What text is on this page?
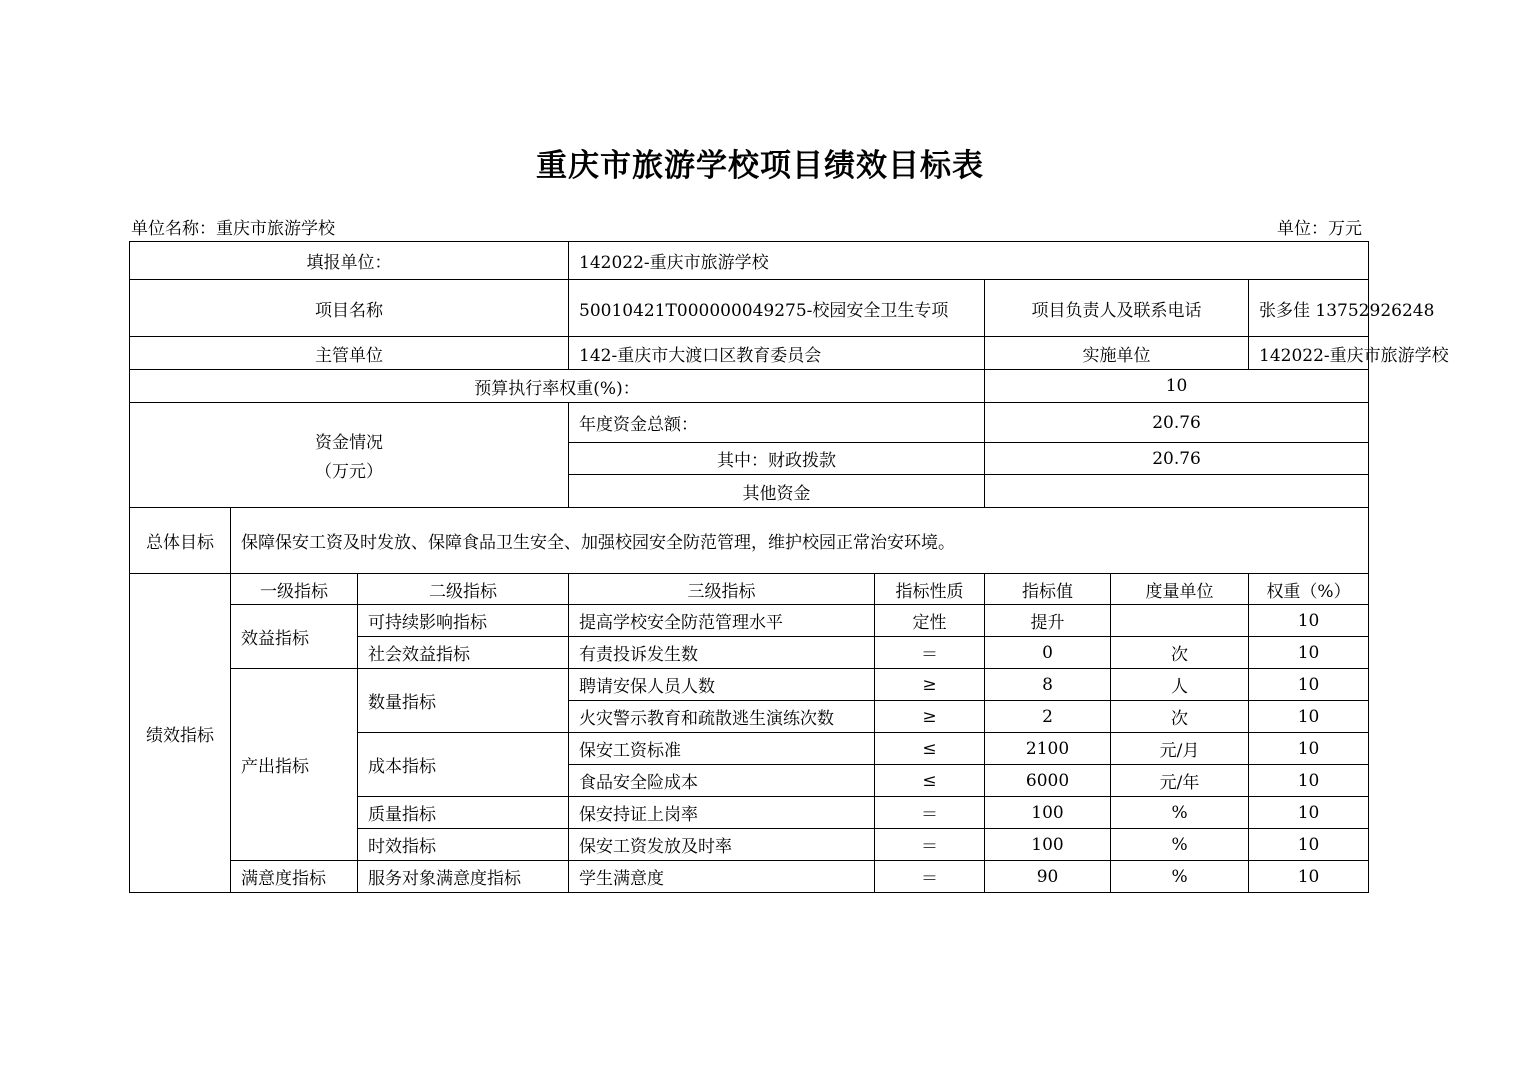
重庆市旅游学校项目绩效目标表
单位名称：重庆市旅游学校	单位：万元
填报单位：			142022-重庆市旅游学校				
项目名称			50010421T000000049275-校园安全卫生专项		项目负责人及联系电话		张多佳 13752926248
主管单位			142-重庆市大渡口区教育委员会		实施单位		142022-重庆市旅游学校
预算执行率权重(%)：					10		

资金情况
（万元）			年度资金总额：		20.76		
			其中：财政拨款		20.76		
			其他资金				
总体目标	保障保安工资及时发放、保障食品卫生安全、加强校园安全防范管理，维护校园正常治安环境。						
绩效指标	一级指标	二级指标	三级指标	指标性质	指标值	度量单位	权重（%）
	效益指标	可持续影响指标	提高学校安全防范管理水平	定性	提升		10
		社会效益指标	有责投诉发生数	＝	0	次	10
	产出指标	数量指标	聘请安保人员人数	≥	8	人	10
			火灾警示教育和疏散逃生演练次数	≥	2	次	10
		成本指标	保安工资标准	≤	2100	元/月	10
			食品安全险成本	≤	6000	元/年	10
		质量指标	保安持证上岗率	＝	100	%	10
		时效指标	保安工资发放及时率	＝	100	%	10
	满意度指标	服务对象满意度指标	学生满意度	＝	90	%	10
